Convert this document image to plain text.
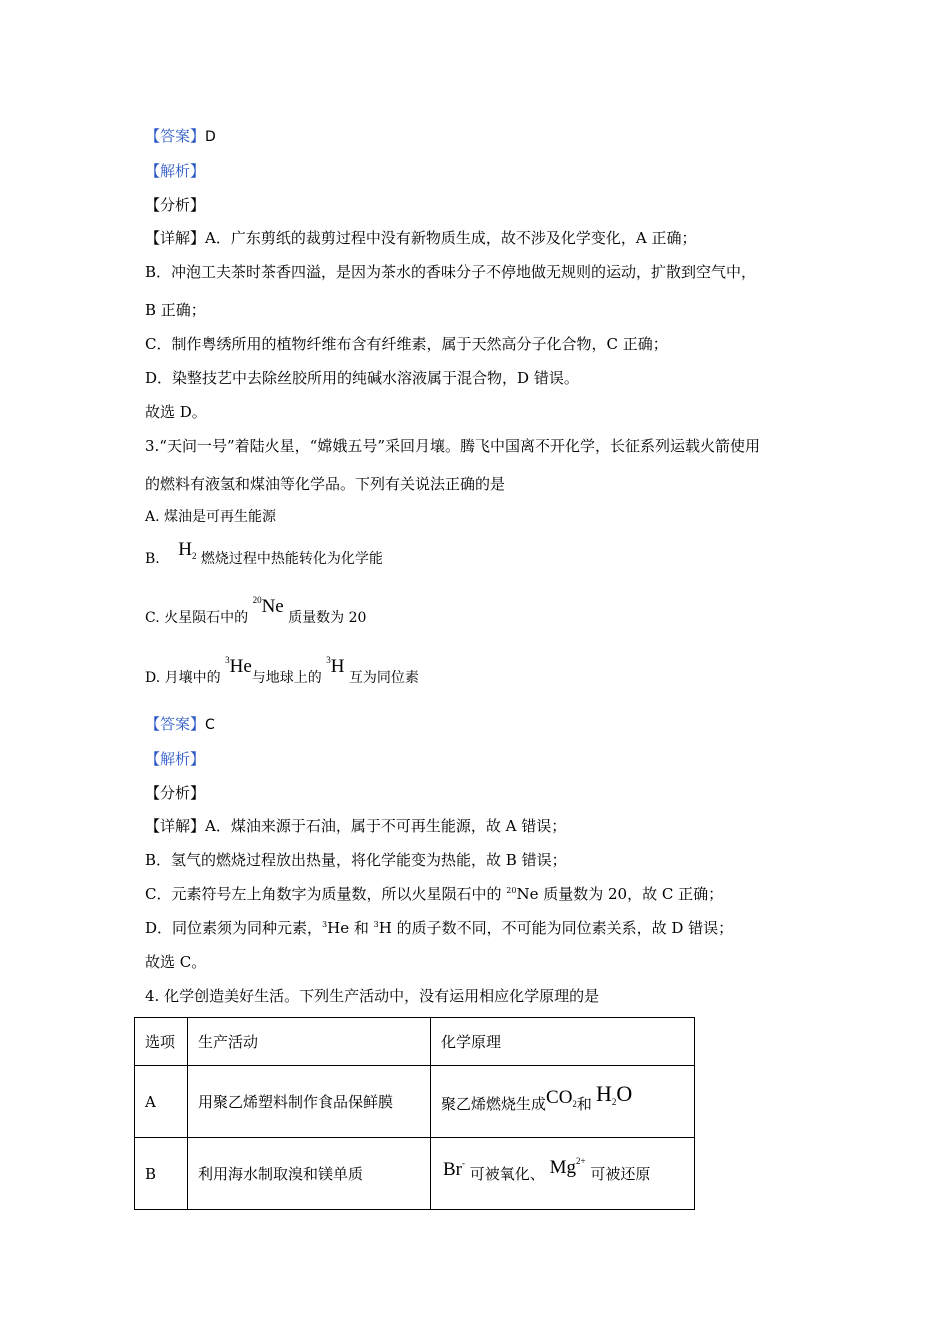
【答案】D
【解析】
【分析】
【详解】A．广东剪纸的裁剪过程中没有新物质生成，故不涉及化学变化，A 正确；
B．冲泡工夫茶时茶香四溢，是因为茶水的香味分子不停地做无规则的运动，扩散到空气中，
B 正确；
C．制作粤绣所用的植物纤维布含有纤维素，属于天然高分子化合物，C 正确；
D．染整技艺中去除丝胶所用的纯碱水溶液属于混合物，D 错误。
故选 D。
3.“天问一号”着陆火星，“嫦娥五号”采回月壤。腾飞中国离不开化学，长征系列运载火箭使用
的燃料有液氢和煤油等化学品。下列有关说法正确的是
A. 煤油是可再生能源
B. $H_2$ 燃烧过程中热能转化为化学能
C. 火星陨石中的 $^{20}$Ne 质量数为 20
D. 月壤中的 $^3$He与地球上的 $^3$H 互为同位素
【答案】C
【解析】
【分析】
【详解】A．煤油来源于石油，属于不可再生能源，故 A 错误；
B．氢气的燃烧过程放出热量，将化学能变为热能，故 B 错误；
C．元素符号左上角数字为质量数，所以火星陨石中的 $^{20}$Ne 质量数为 20，故 C 正确；
D．同位素须为同种元素，$^3$He 和 $^3$H 的质子数不同，不可能为同位素关系，故 D 错误；
故选 C。
4. 化学创造美好生活。下列生产活动中，没有运用相应化学原理的是
选项	生产活动	化学原理
A	用聚乙烯塑料制作食品保鲜膜	聚乙烯燃烧生成$CO_2$和 H2O
B	利用海水制取溴和镁单质	Br- 可被氧化、 $Mg^{2+}$ 可被还原
